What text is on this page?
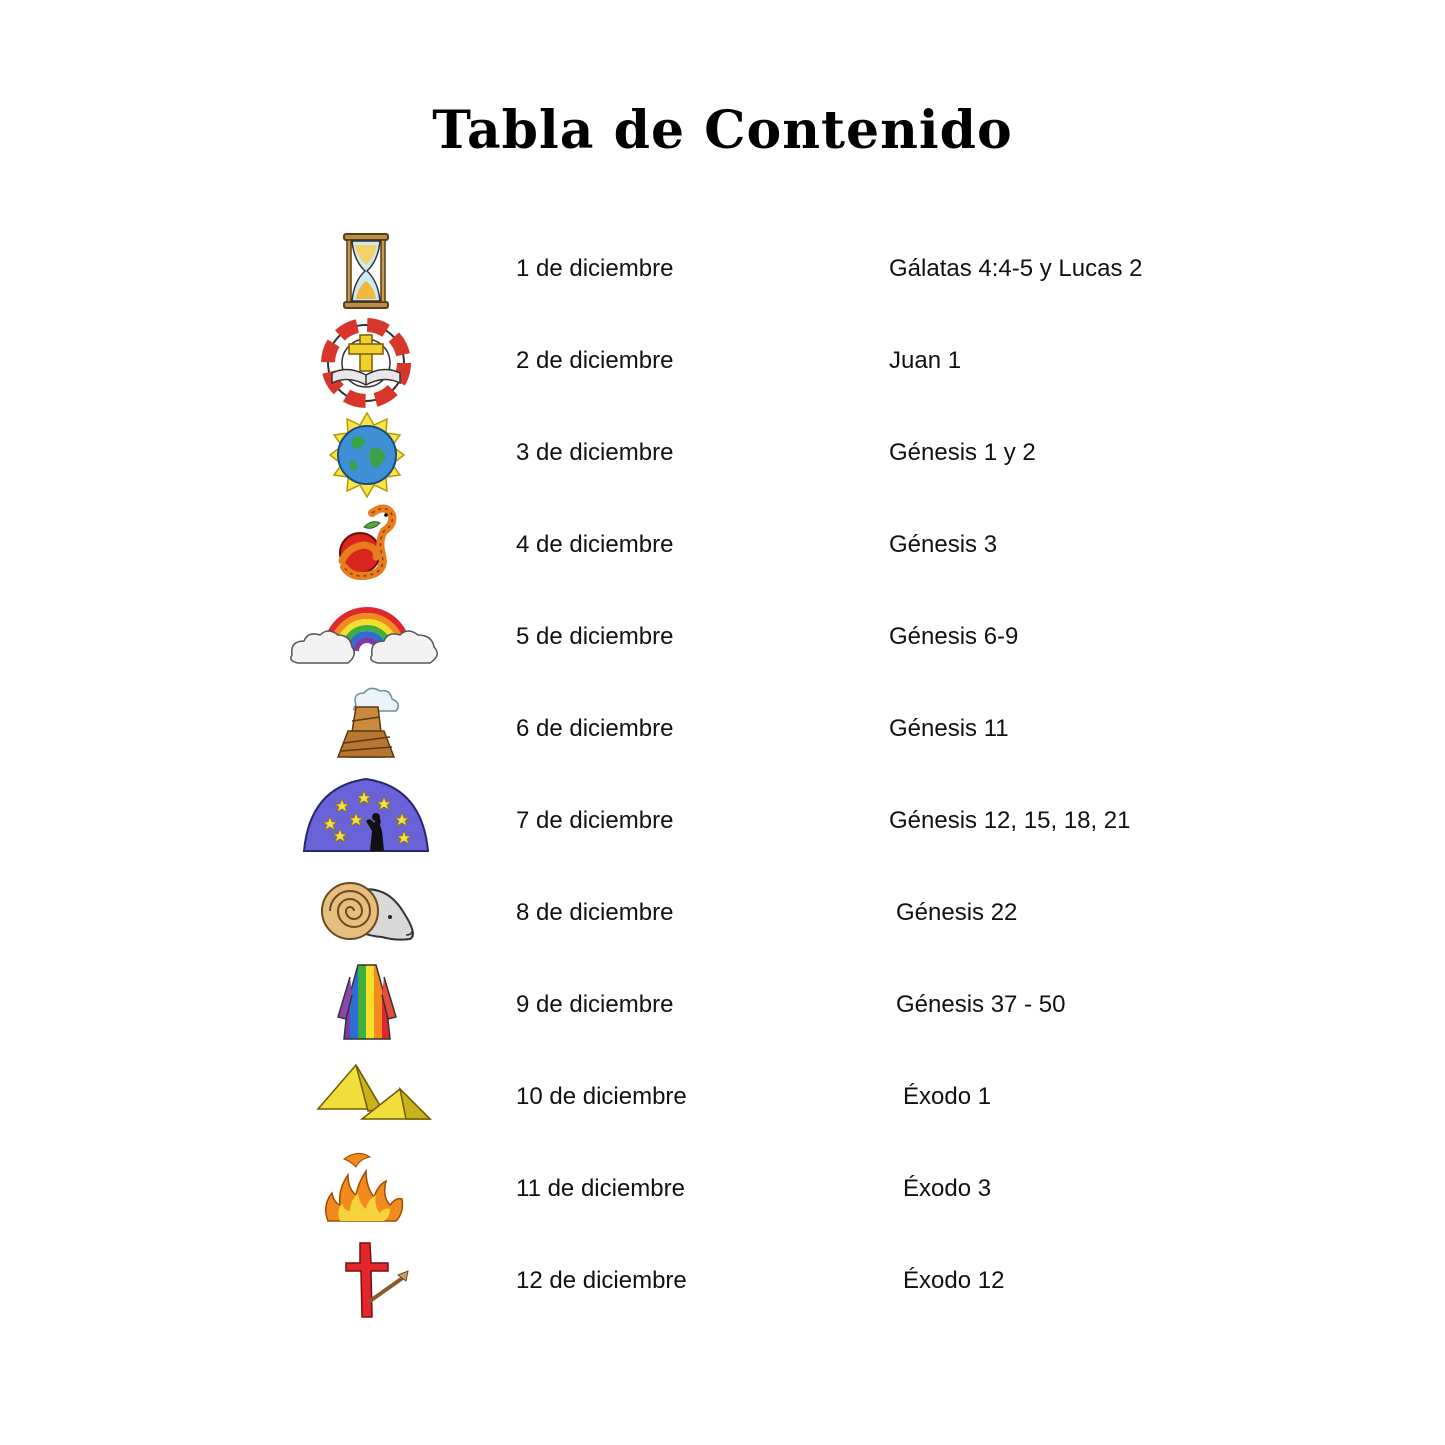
Tabla de Contenido
1 de diciembre	Gálatas 4:4-5 y Lucas 2
2 de diciembre	Juan 1
3 de diciembre	Génesis 1 y 2
4 de diciembre	Génesis 3
5 de diciembre	Génesis 6-9
6 de diciembre	Génesis 11
7 de diciembre	Génesis 12, 15, 18, 21
8 de diciembre	Génesis 22
9 de diciembre	Génesis 37 - 50
10 de diciembre	Éxodo 1
11 de diciembre	Éxodo 3
12 de diciembre	Éxodo 12
